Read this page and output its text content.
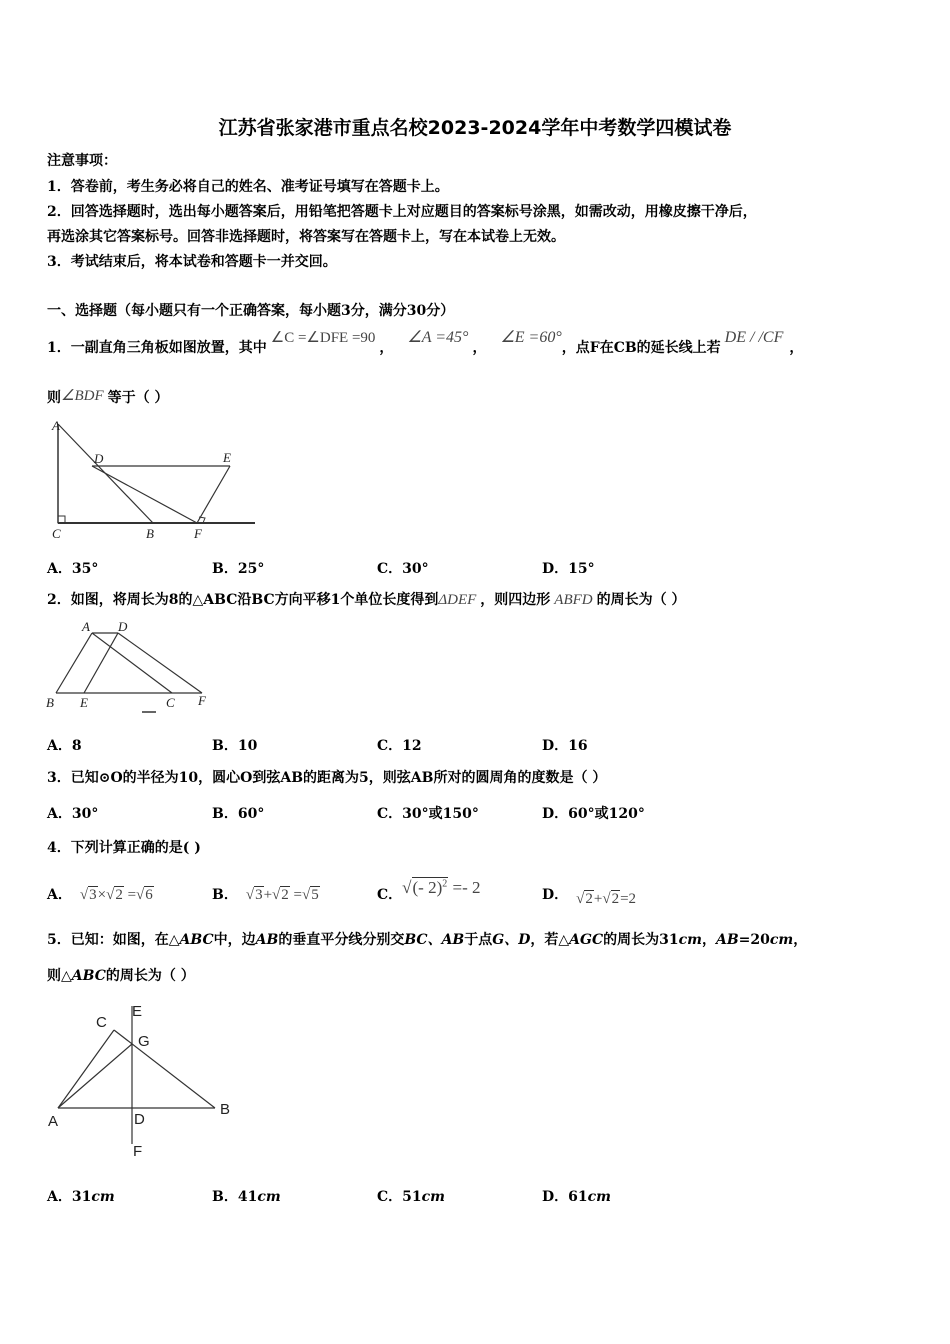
江苏省张家港市重点名校2023-2024学年中考数学四模试卷
注意事项：
1．答卷前，考生务必将自己的姓名、准考证号填写在答题卡上。
2．回答选择题时，选出每小题答案后，用铅笔把答题卡上对应题目的答案标号涂黑，如需改动，用橡皮擦干净后，
再选涂其它答案标号。回答非选择题时，将答案写在答题卡上，写在本试卷上无效。
3．考试结束后，将本试卷和答题卡一并交回。
一、选择题（每小题只有一个正确答案，每小题3分，满分30分）
1．一副直角三角板如图放置，其中∠C =∠DFE =90，∠A =45°，∠E =60°，点F在CB的延长线上若DE / /CF，
则∠BDF 等于（ ）
A
D	E
C	B	F
A．35°	B．25°	C．30°	D．15°
2．如图，将周长为8的△ABC沿BC方向平移1个单位长度得到ΔDEF ，则四边形 ABFD 的周长为（ ）
A D
B E	C F
A．8	B．10	C．12	D．16
3．已知⊙O的半径为10，圆心O到弦AB的距离为5，则弦AB所对的圆周角的度数是（ ）
A．30°	B．60°	C．30°或150°	D．60°或120°
4．下列计算正确的是( )
A． √3×√2 =√6	B． √3+√2 =√5	C．√(- 2)$^2$ =- 2	D． √2+√2=2
5．已知：如图，在△ABC中，边AB的垂直平分线分别交BC、AB于点G、D，若△AGC的周长为31cm，AB=20cm，
则△ABC的周长为（ ）
C
E
G
A	D
B
F
A．31cm	B．41cm	C．51cm	D．61cm
